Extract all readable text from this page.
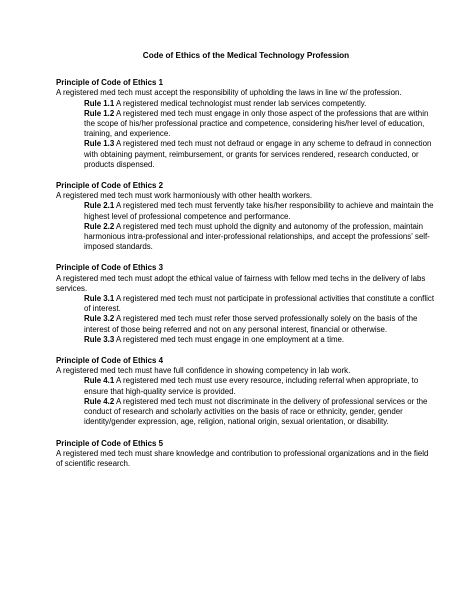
Code of Ethics of the Medical Technology Profession

Principle of Code of Ethics 1

A registered med tech must accept the responsibility of upholding the laws in line w/ the profession.

Rule 1.1 A registered medical technologist must render lab services competently.

Rule 1.2 A registered med tech must engage in only those aspect of the professions that are within the scope of his/her professional practice and competence, considering his/her level of education, training, and experience.

Rule 1.3 A registered med tech must not defraud or engage in any scheme to defraud in connection with obtaining payment, reimbursement, or grants for services rendered, research conducted, or products dispensed.

Principle of Code of Ethics 2

A registered med tech must work harmoniously with other health workers.

Rule 2.1 A registered med tech must fervently take his/her responsibility to achieve and maintain the highest level of professional competence and performance.

Rule 2.2 A registered med tech must uphold the dignity and autonomy of the profession, maintain harmonious intra-professional and inter-professional relationships, and accept the professions' self-imposed standards.

Principle of Code of Ethics 3

A registered med tech must adopt the ethical value of fairness with fellow med techs in the delivery of labs services.

Rule 3.1 A registered med tech must not participate in professional activities that constitute a conflict of interest.

Rule 3.2 A registered med tech must refer those served professionally solely on the basis of the interest of those being referred and not on any personal interest, financial or otherwise.

Rule 3.3 A registered med tech must engage in one employment at a time.

Principle of Code of Ethics 4

A registered med tech must have full confidence in showing competency in lab work.

Rule 4.1 A registered med tech must use every resource, including referral when appropriate, to ensure that high-quality service is provided.

Rule 4.2 A registered med tech must not discriminate in the delivery of professional services or the conduct of research and scholarly activities on the basis of race or ethnicity, gender, gender identity/gender expression, age, religion, national origin, sexual orientation, or disability.

Principle of Code of Ethics 5

A registered med tech must share knowledge and contribution to professional organizations and in the field of scientific research.
